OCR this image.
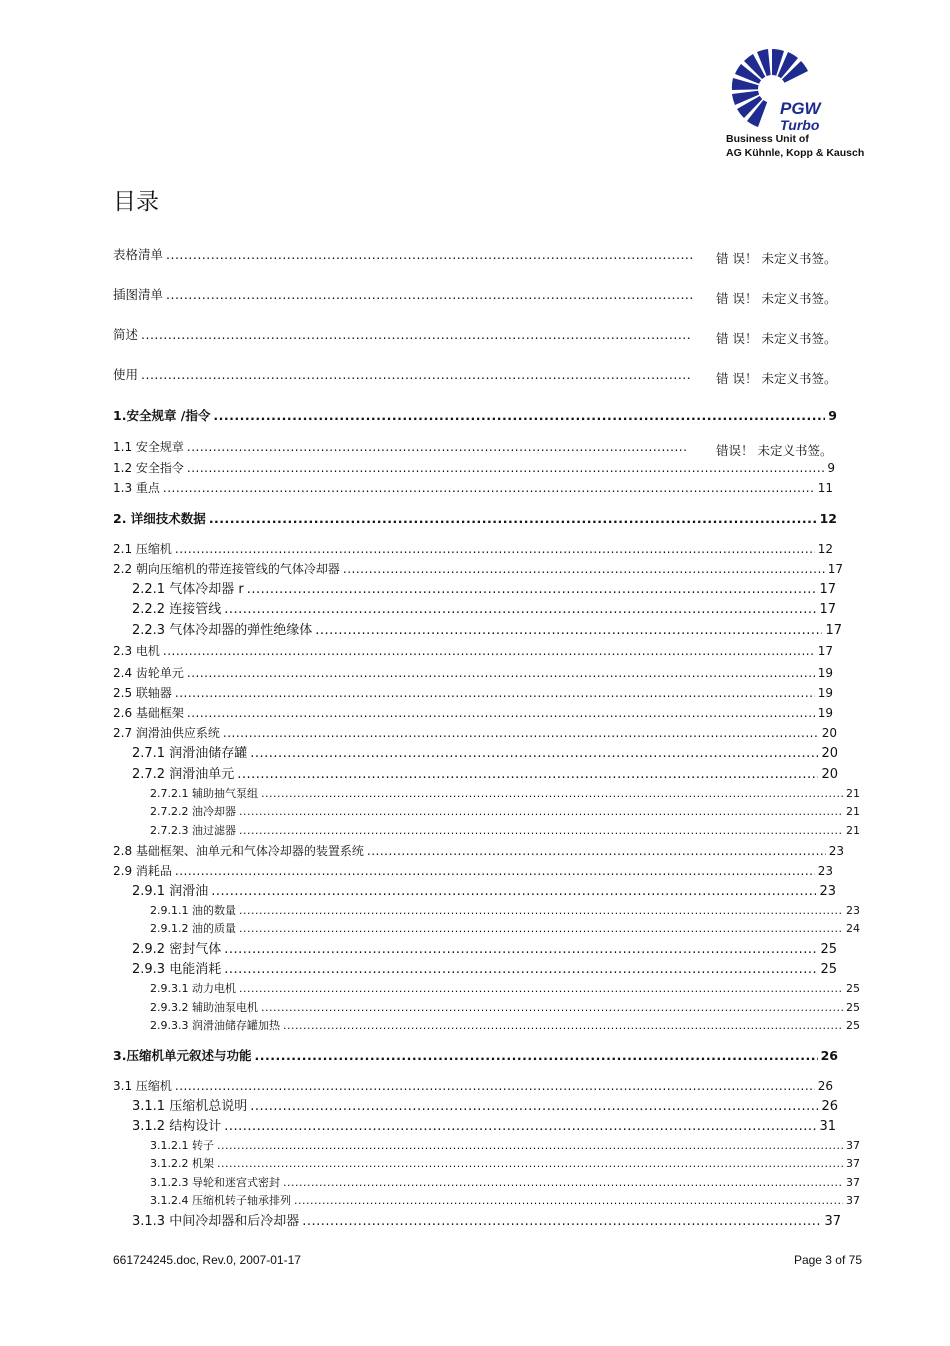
PGW
Turbo
Business Unit of
AG Kühnle, Kopp & Kausch
目录
表格清单 .....	错 误！ 未定义书签。
插图清单 .....	错 误！ 未定义书签。
简述 .....	错 误！ 未定义书签。
使用 .....	错 误！ 未定义书签。
1.安全规章 /指令 .....	9
1.1 安全规章 .....	错误！ 未定义书签。
1.2 安全指令 .....	9
1.3 重点 .....	11
2. 详细技术数据 .....	12
2.1 压缩机 .....	12
2.2 朝向压缩机的带连接管线的气体冷却器 .....	17
2.2.1 气体冷却器 r .....	17
2.2.2 连接管线 .....	17
2.2.3 气体冷却器的弹性绝缘体 .....	17
2.3 电机 .....	17
2.4 齿轮单元 .....	19
2.5 联轴器 .....	19
2.6 基础框架 .....	19
2.7 润滑油供应系统 .....	20
2.7.1 润滑油储存罐 .....	20
2.7.2 润滑油单元 .....	20
2.7.2.1 辅助抽气泵组 .....	21
2.7.2.2 油冷却器 .....	21
2.7.2.3 油过滤器 .....	21
2.8 基础框架、油单元和气体冷却器的装置系统 .....	23
2.9 消耗品 .....	23
2.9.1 润滑油 .....	23
2.9.1.1 油的数量 .....	23
2.9.1.2 油的质量 .....	24
2.9.2 密封气体 .....	25
2.9.3 电能消耗 .....	25
2.9.3.1 动力电机 .....	25
2.9.3.2 辅助油泵电机 .....	25
2.9.3.3 润滑油储存罐加热 .....	25
3.压缩机单元叙述与功能 .....	26
3.1 压缩机 .....	26
3.1.1 压缩机总说明 .....	26
3.1.2 结构设计 .....	31
3.1.2.1 转子 .....	37
3.1.2.2 机架 .....	37
3.1.2.3 导轮和迷宫式密封 .....	37
3.1.2.4 压缩机转子轴承排列 .....	37
3.1.3 中间冷却器和后冷却器 .....	37
661724245.doc, Rev.0, 2007-01-17	Page 3 of 75
